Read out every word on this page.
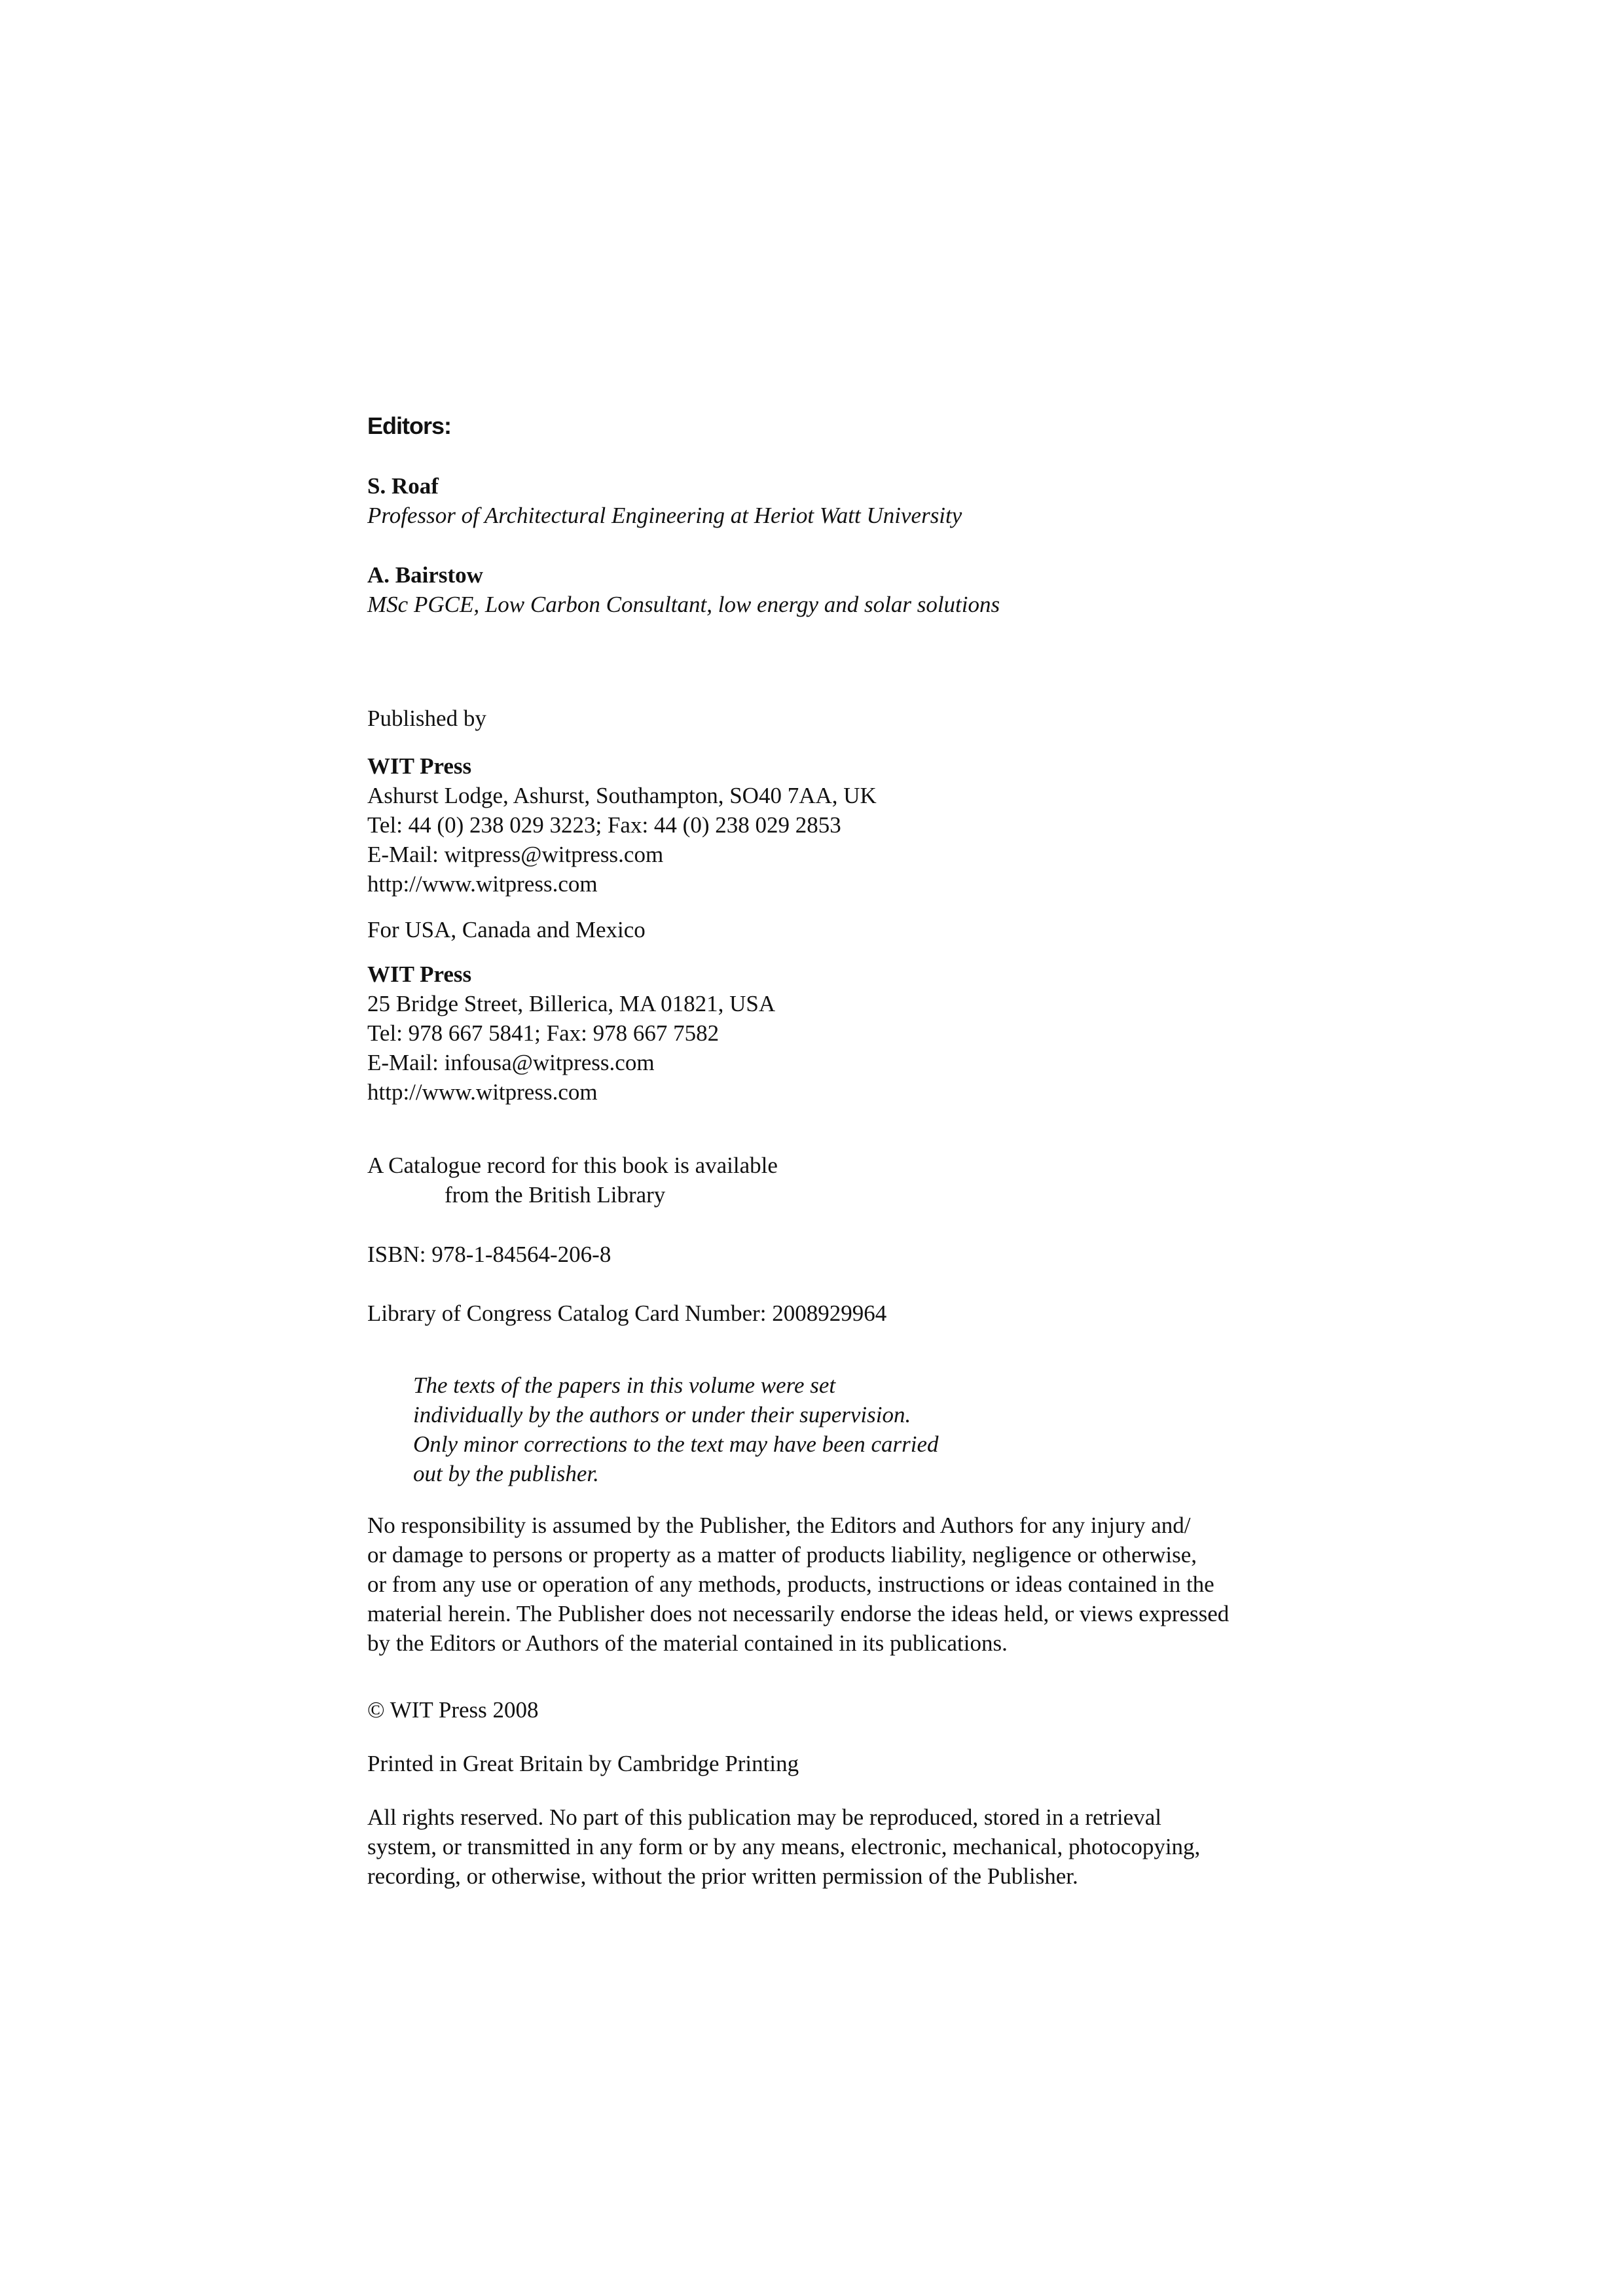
Editors:
S. Roaf
Professor of Architectural Engineering at Heriot Watt University
A. Bairstow
MSc PGCE, Low Carbon Consultant, low energy and solar solutions
Published by
WIT Press
Ashurst Lodge, Ashurst, Southampton, SO40 7AA, UK
Tel: 44 (0) 238 029 3223; Fax: 44 (0) 238 029 2853
E-Mail: witpress@witpress.com
http://www.witpress.com
For USA, Canada and Mexico
WIT Press
25 Bridge Street, Billerica, MA 01821, USA
Tel: 978 667 5841; Fax: 978 667 7582
E-Mail: infousa@witpress.com
http://www.witpress.com
A Catalogue record for this book is available
from the British Library
ISBN: 978-1-84564-206-8
Library of Congress Catalog Card Number: 2008929964
The texts of the papers in this volume were set
individually by the authors or under their supervision.
Only minor corrections to the text may have been carried
out by the publisher.
No responsibility is assumed by the Publisher, the Editors and Authors for any injury and/
or damage to persons or property as a matter of products liability, negligence or otherwise,
or from any use or operation of any methods, products, instructions or ideas contained in the
material herein. The Publisher does not necessarily endorse the ideas held, or views expressed
by the Editors or Authors of the material contained in its publications.
© WIT Press 2008
Printed in Great Britain by Cambridge Printing
All rights reserved. No part of this publication may be reproduced, stored in a retrieval
system, or transmitted in any form or by any means, electronic, mechanical, photocopying,
recording, or otherwise, without the prior written permission of the Publisher.
